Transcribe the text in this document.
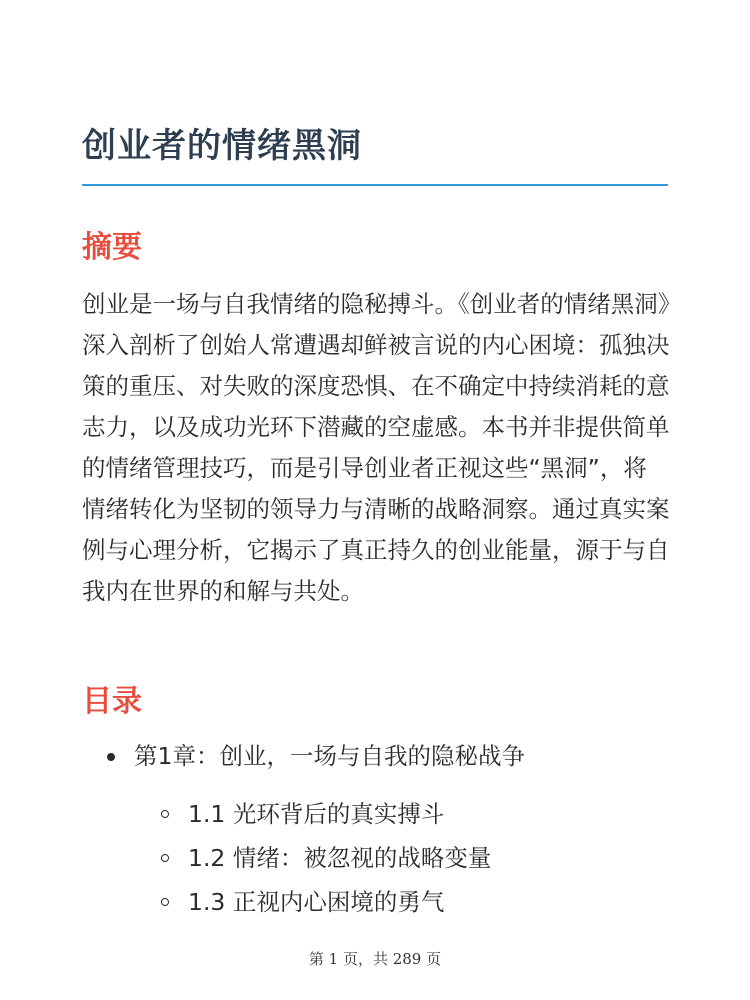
创业者的情绪黑洞
摘要

创业是一场与自我情绪的隐秘搏斗。《创业者的情绪黑洞》深入剖析了创始人常遭遇却鲜被言说的内心困境：孤独决策的重压、对失败的深度恐惧、在不确定中持续消耗的意志力，以及成功光环下潜藏的空虚感。本书并非提供简单的情绪管理技巧，而是引导创业者正视这些“黑洞”，将情绪转化为坚韧的领导力与清晰的战略洞察。通过真实案例与心理分析，它揭示了真正持久的创业能量，源于与自我内在世界的和解与共处。

目录
第1章：创业，一场与自我的隐秘战争
1.1 光环背后的真实搏斗
1.2 情绪：被忽视的战略变量
1.3 正视内心困境的勇气
第 1 页，共 289 页
